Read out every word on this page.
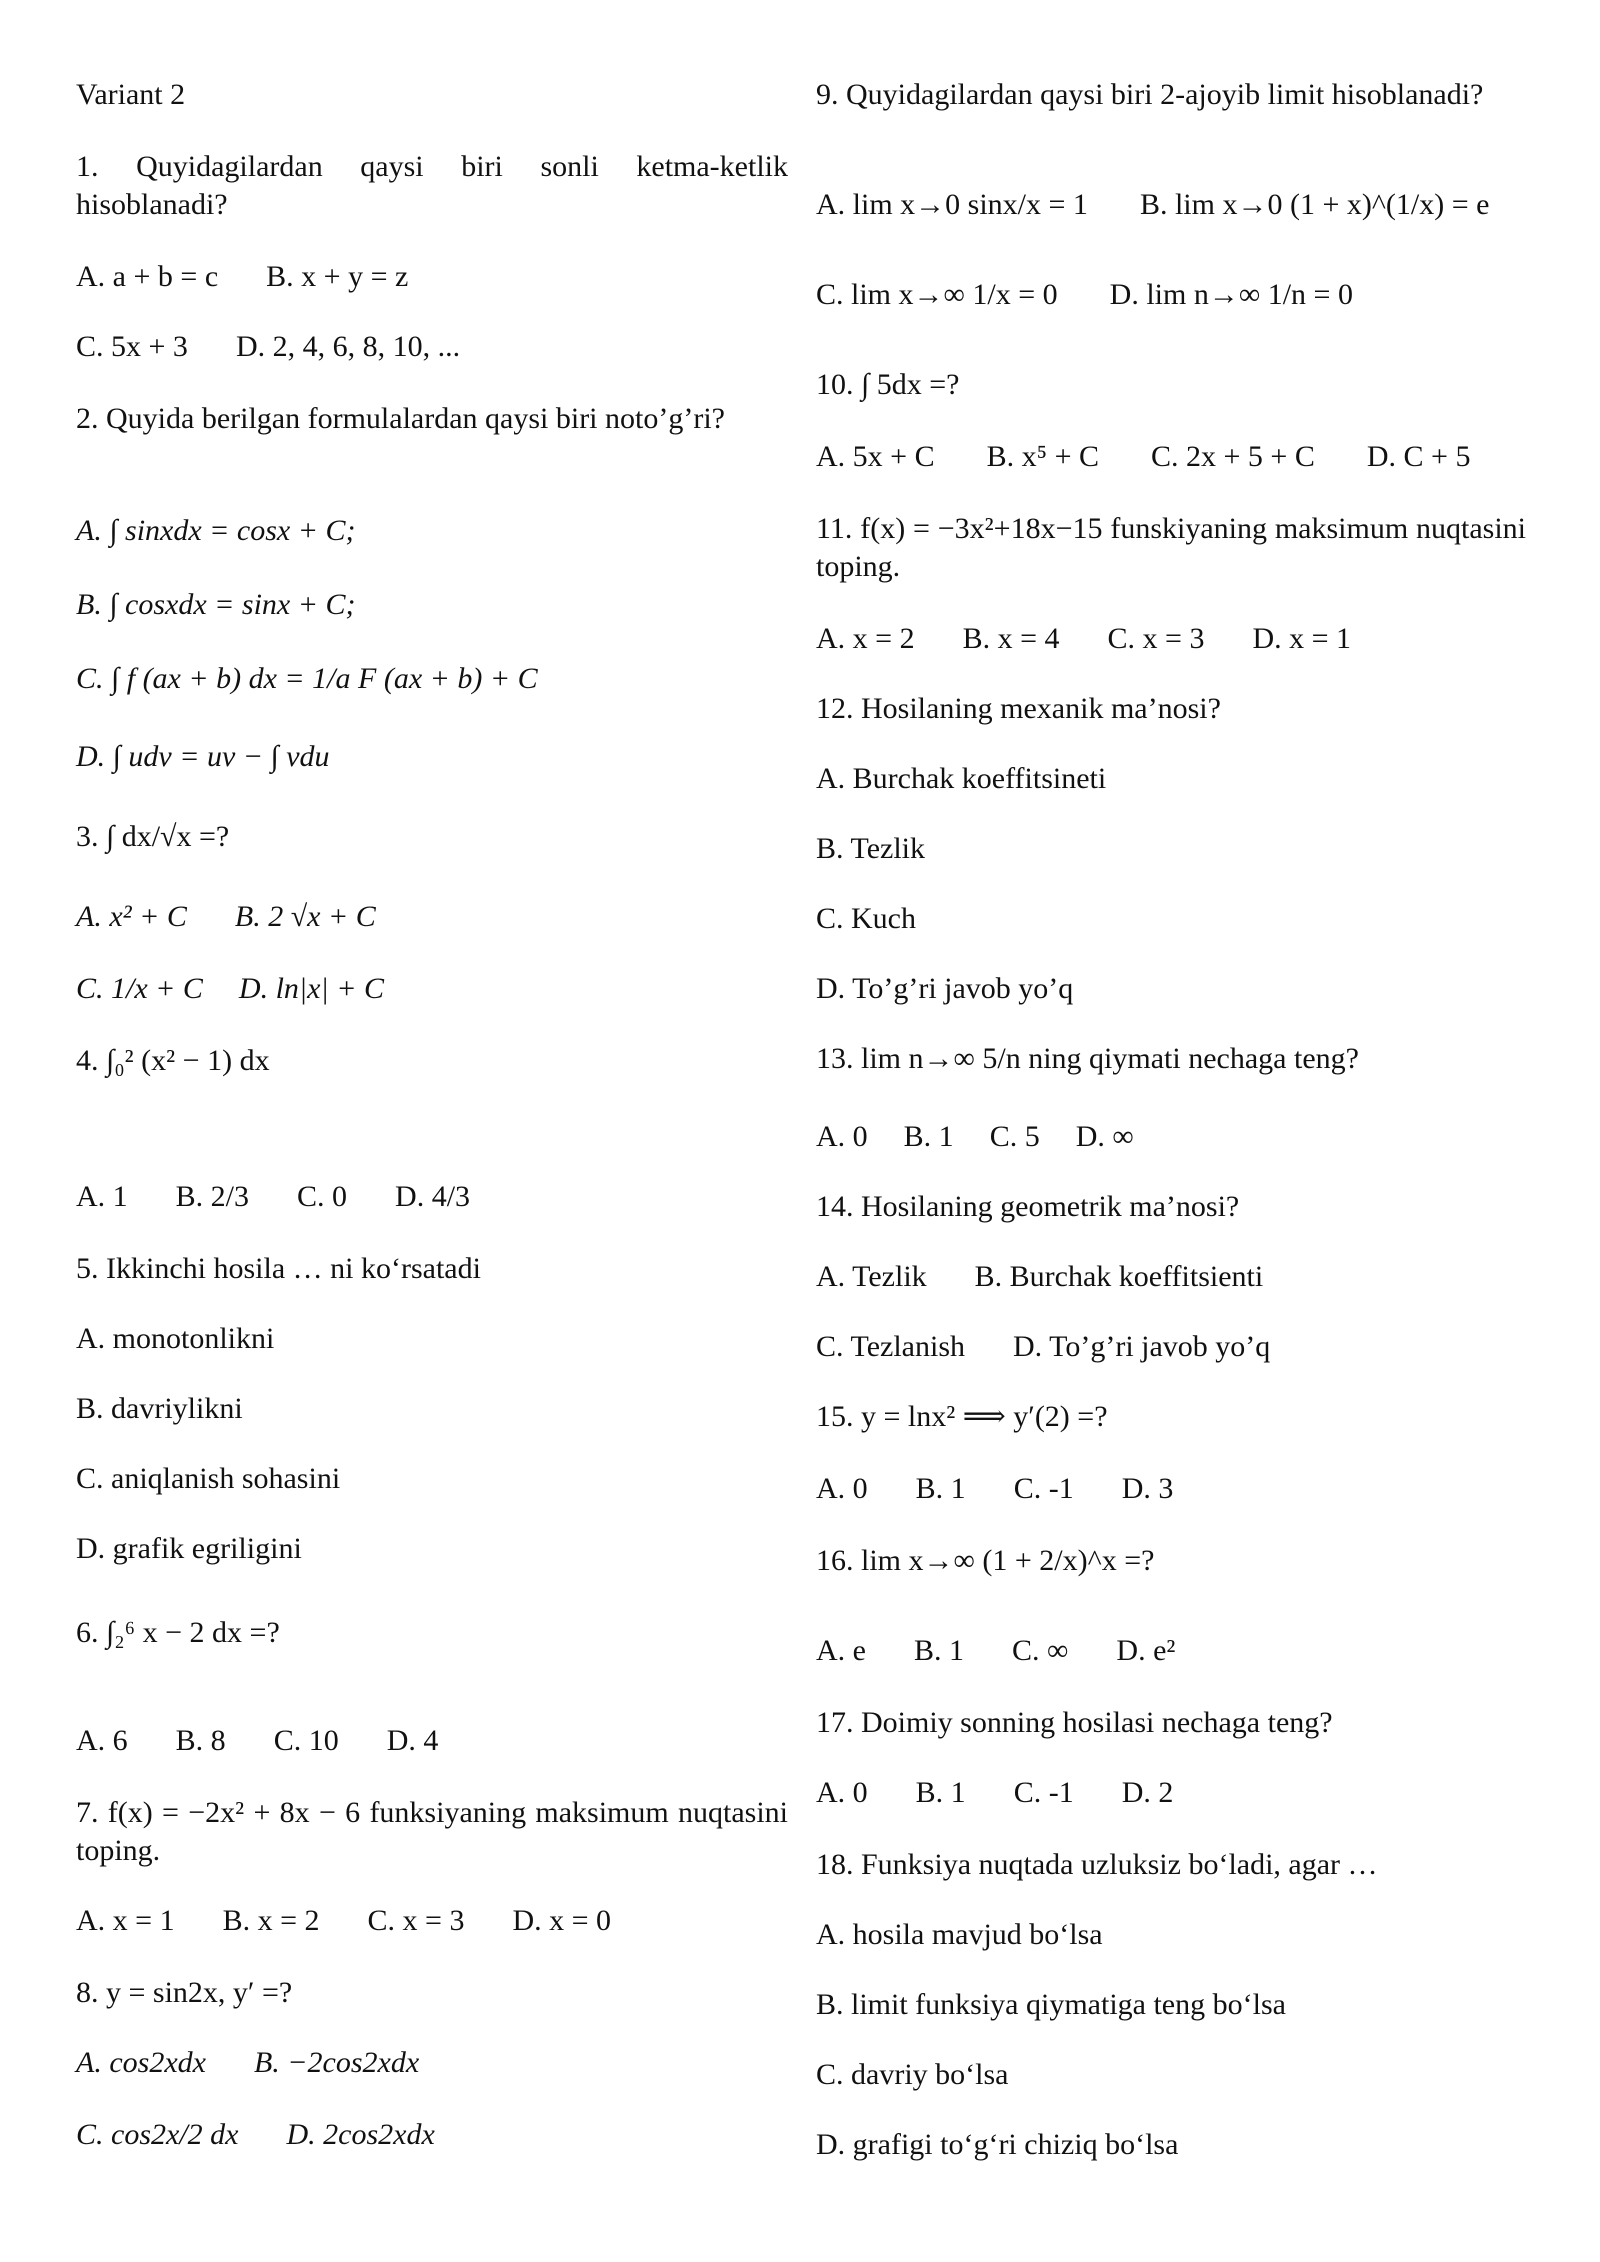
Variant 2
1. Quyidagilardan qaysi biri sonli ketma-ketlik hisoblanadi?
A. a + b = c B. x + y = z
C. 5x + 3 D. 2, 4, 6, 8, 10, ...
2. Quyida berilgan formulalardan qaysi biri noto’g’ri?
A. ∫ sinxdx = cosx + C;
B. ∫ cosxdx = sinx + C;
C. ∫ f (ax + b) dx = 1/a F (ax + b) + C
D. ∫ udv = uv − ∫ vdu
3. ∫ dx/√x =?
A. x² + C B. 2 √x + C
C. 1/x + C D. ln|x| + C
4. ∫₀² (x² − 1) dx
A. 1 B. 2/3 C. 0 D. 4/3
5. Ikkinchi hosila … ni ko‘rsatadi
A. monotonlikni
B. davriylikni
C. aniqlanish sohasini
D. grafik egriligini
6. ∫₂⁶ x − 2 dx =?
A. 6 B. 8 C. 10 D. 4
7. f(x) = −2x² + 8x − 6 funksiyaning maksimum nuqtasini toping.
A. x = 1 B. x = 2 C. x = 3 D. x = 0
8. y = sin2x, y′ =?
A. cos2xdx B. −2cos2xdx
C. cos2x/2 dx D. 2cos2xdx
9. Quyidagilardan qaysi biri 2-ajoyib limit hisoblanadi?
A. lim x→0 sinx/x = 1 B. lim x→0 (1 + x)^(1/x) = e
C. lim x→∞ 1/x = 0 D. lim n→∞ 1/n = 0
10. ∫ 5dx =?
A. 5x + C B. x⁵ + C C. 2x + 5 + C D. C + 5
11. f(x) = −3x²+18x−15 funskiyaning maksimum nuqtasini toping.
A. x = 2 B. x = 4 C. x = 3 D. x = 1
12. Hosilaning mexanik ma’nosi?
A. Burchak koeffitsineti
B. Tezlik
C. Kuch
D. To’g’ri javob yo’q
13. lim n→∞ 5/n ning qiymati nechaga teng?
A. 0 B. 1 C. 5 D. ∞
14. Hosilaning geometrik ma’nosi?
A. Tezlik B. Burchak koeffitsienti
C. Tezlanish D. To’g’ri javob yo’q
15. y = lnx² ⟹ y′(2) =?
A. 0 B. 1 C. -1 D. 3
16. lim x→∞ (1 + 2/x)^x =?
A. e B. 1 C. ∞ D. e²
17. Doimiy sonning hosilasi nechaga teng?
A. 0 B. 1 C. -1 D. 2
18. Funksiya nuqtada uzluksiz bo‘ladi, agar …
A. hosila mavjud bo‘lsa
B. limit funksiya qiymatiga teng bo‘lsa
C. davriy bo‘lsa
D. grafigi to‘g‘ri chiziq bo‘lsa
